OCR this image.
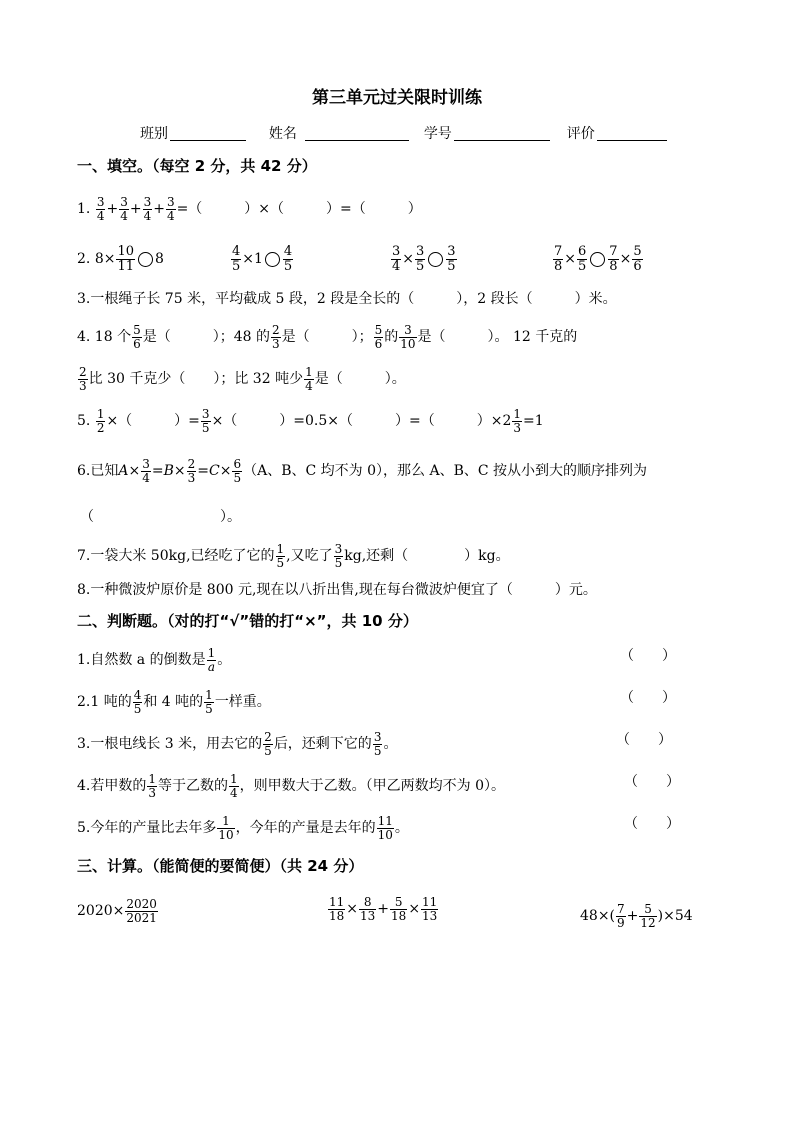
第三单元过关限时训练
班别	姓名	学号	评价
一、填空。（每空 2 分，共 42 分）
1. $\frac{3}{4} + \frac{3}{4} + \frac{3}{4} + \frac{3}{4}$ =（　　　）×（　　　）=（　　　）
2. $8\times \frac{10}{11} 8$	$\frac{4}{5} \times 1 \frac{4}{5}$	$\frac{3}{4} \times \frac{3}{5} \frac{3}{5}$	$\frac{7}{8} \times \frac{6}{5} \frac{7}{8} \times \frac{5}{6}$
3.一根绳子长 75 米，平均截成 5 段，2 段是全长的（　　　），2 段长（　　　）米。
4. 18 个 $\frac{5}{6}$ 是（　　　）；48 的 $\frac{2}{3}$ 是（　　　）； $\frac{5}{6}$ 的 $\frac{3}{10}$ 是（　　　）。 12 千克的
$\frac{2}{3}$ 比 30 千克少（　　）；比 32 吨少 $\frac{1}{4}$ 是（　　　）。
5. $\frac{1}{2}$ ×（　　　）= $\frac{3}{5}$ ×（　　　）=0.5×（　　　）=（　　　）$\times 2 \frac{1}{3} =1$
6.已知$A\times \frac{3}{4} =B\times \frac{2}{3} =C\times \frac{6}{5} (A$、B、C 均不为 0），那么 A、B、C 按从小到大的顺序排列为
（　　　　　　　　　）。
7.一袋大米 50kg,已经吃了它的 $\frac{1}{5}$ ,又吃了 $\frac{3}{5}$ kg,还剩（　　　　）kg。
8.一种微波炉原价是 800 元,现在以八折出售,现在每台微波炉便宜了（　　　）元。
二、判断题。（对的打“√”错的打“×”，共 10 分）
1.自然数 a 的倒数是 $\frac{1}{a}$ 。	（　　）
2.1 吨的 $\frac{4}{5}$ 和 4 吨的 $\frac{1}{5}$ 一样重。	（　　）
3.一根电线长 3 米，用去它的 $\frac{2}{5}$ 后，还剩下它的 $\frac{3}{5}$ 。	（　　）
4.若甲数的 $\frac{1}{3}$ 等于乙数的 $\frac{1}{4}$ ，则甲数大于乙数。（甲乙两数均不为 0）。	（　　）
5.今年的产量比去年多 $\frac{1}{10}$ ，今年的产量是去年的 $\frac{11}{10}$ 。	（　　）
三、计算。（能简便的要简便）（共 24 分）
$2020\times \frac{2020}{2021}$	$\frac{11}{18} \times \frac{8}{13} + \frac{5}{18} \times \frac{11}{13}$	$48\times( \frac{7}{9} + \frac{5}{12} )\times 54$
